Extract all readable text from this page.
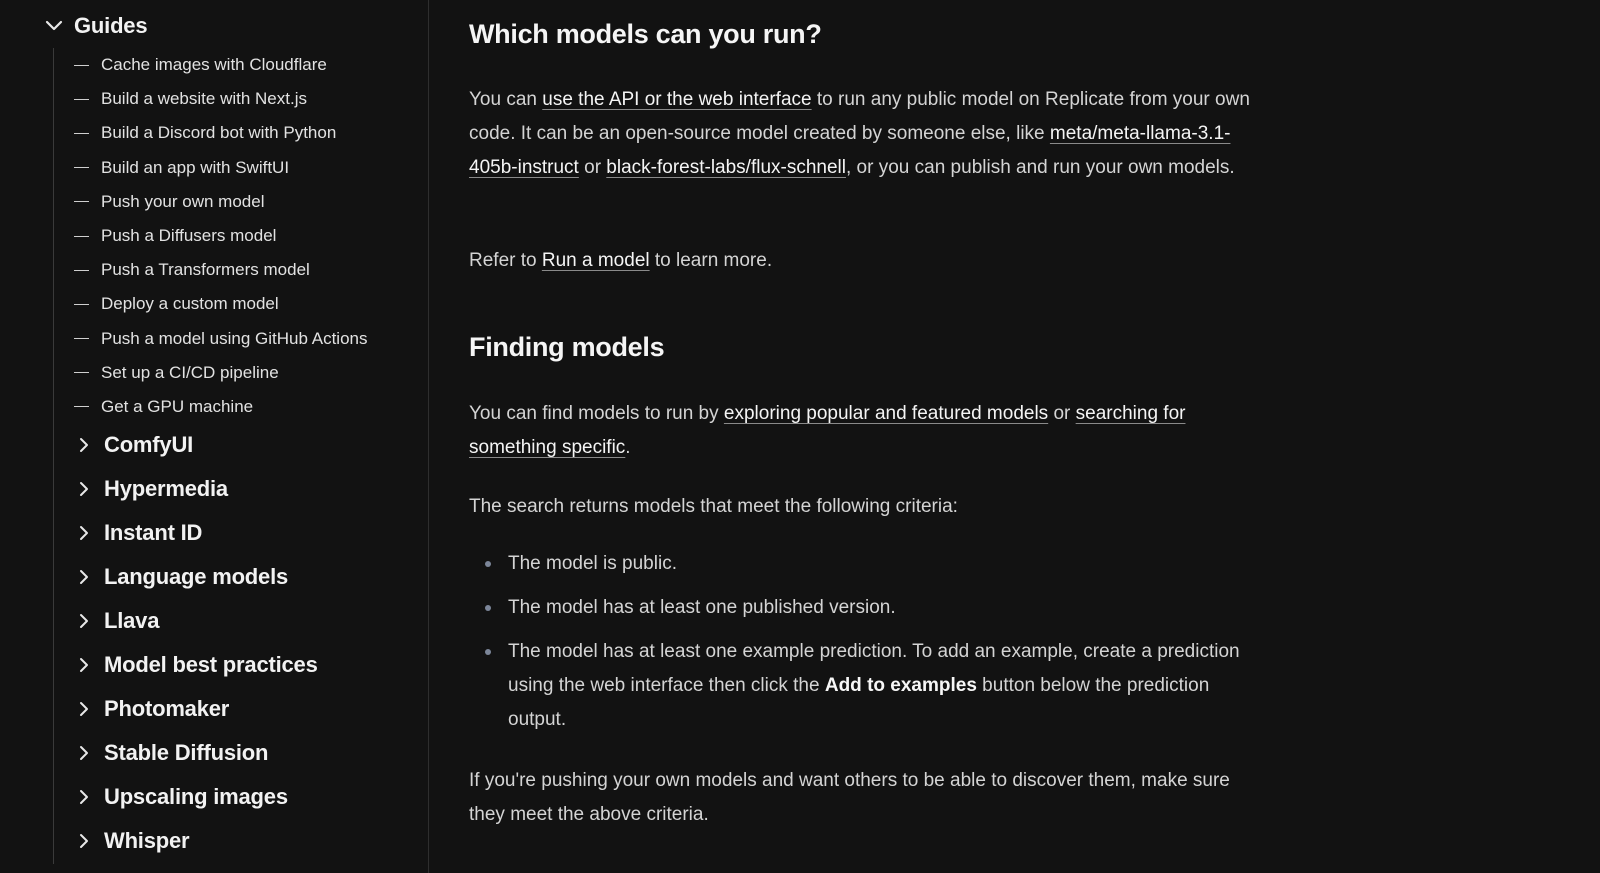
Guides
Cache images with Cloudflare
Build a website with Next.js
Build a Discord bot with Python
Build an app with SwiftUI
Push your own model
Push a Diffusers model
Push a Transformers model
Deploy a custom model
Push a model using GitHub Actions
Set up a CI/CD pipeline
Get a GPU machine
ComfyUI
Hypermedia
Instant ID
Language models
Llava
Model best practices
Photomaker
Stable Diffusion
Upscaling images
Whisper
Which models can you run?

You can use the API or the web interface to run any public model on Replicate from your own code. It can be an open-source model created by someone else, like meta/meta-llama-3.1-405b-instruct or black-forest-labs/flux-schnell, or you can publish and run your own models.

Refer to Run a model to learn more.

Finding models

You can find models to run by exploring popular and featured models or searching for something specific.

The search returns models that meet the following criteria:

The model is public.
The model has at least one published version.
The model has at least one example prediction. To add an example, create a prediction using the web interface then click the Add to examples button below the prediction output.

If you're pushing your own models and want others to be able to discover them, make sure they meet the above criteria.
